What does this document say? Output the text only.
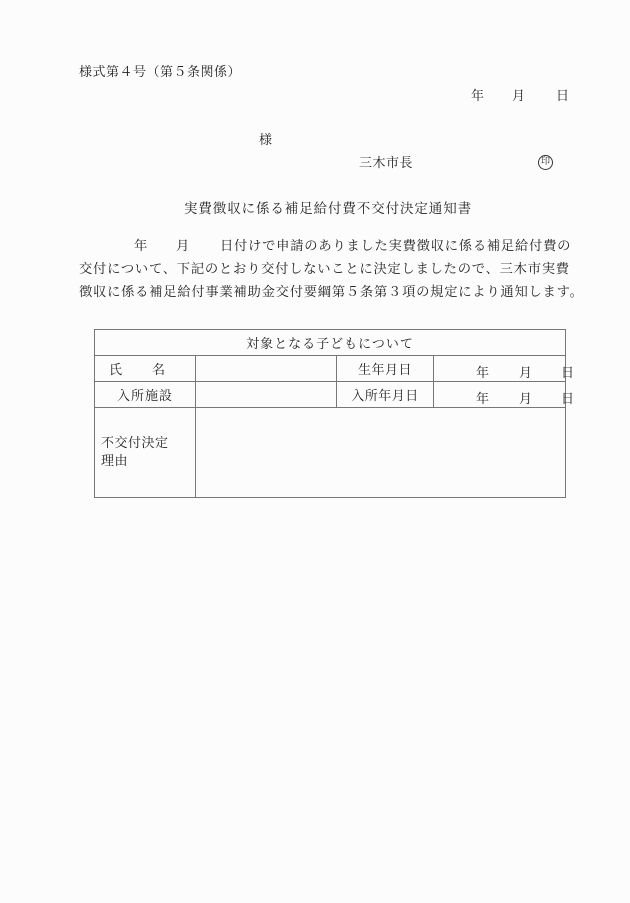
様式第４号（第５条関係）
年 月 日
様
三木市長	印
実費徴収に係る補足給付費不交付決定通知書
年 月 日付けで申請のありました実費徴収に係る補足給付費の
交付について、下記のとおり交付しないことに決定しましたので、三木市実費
徴収に係る補足給付事業補助金交付要綱第５条第３項の規定により通知します。
対象となる子どもについて			
氏 名		生年月日	年 月 日

入所施設		入所年月日	年 月 日

不交付決定
理由			
